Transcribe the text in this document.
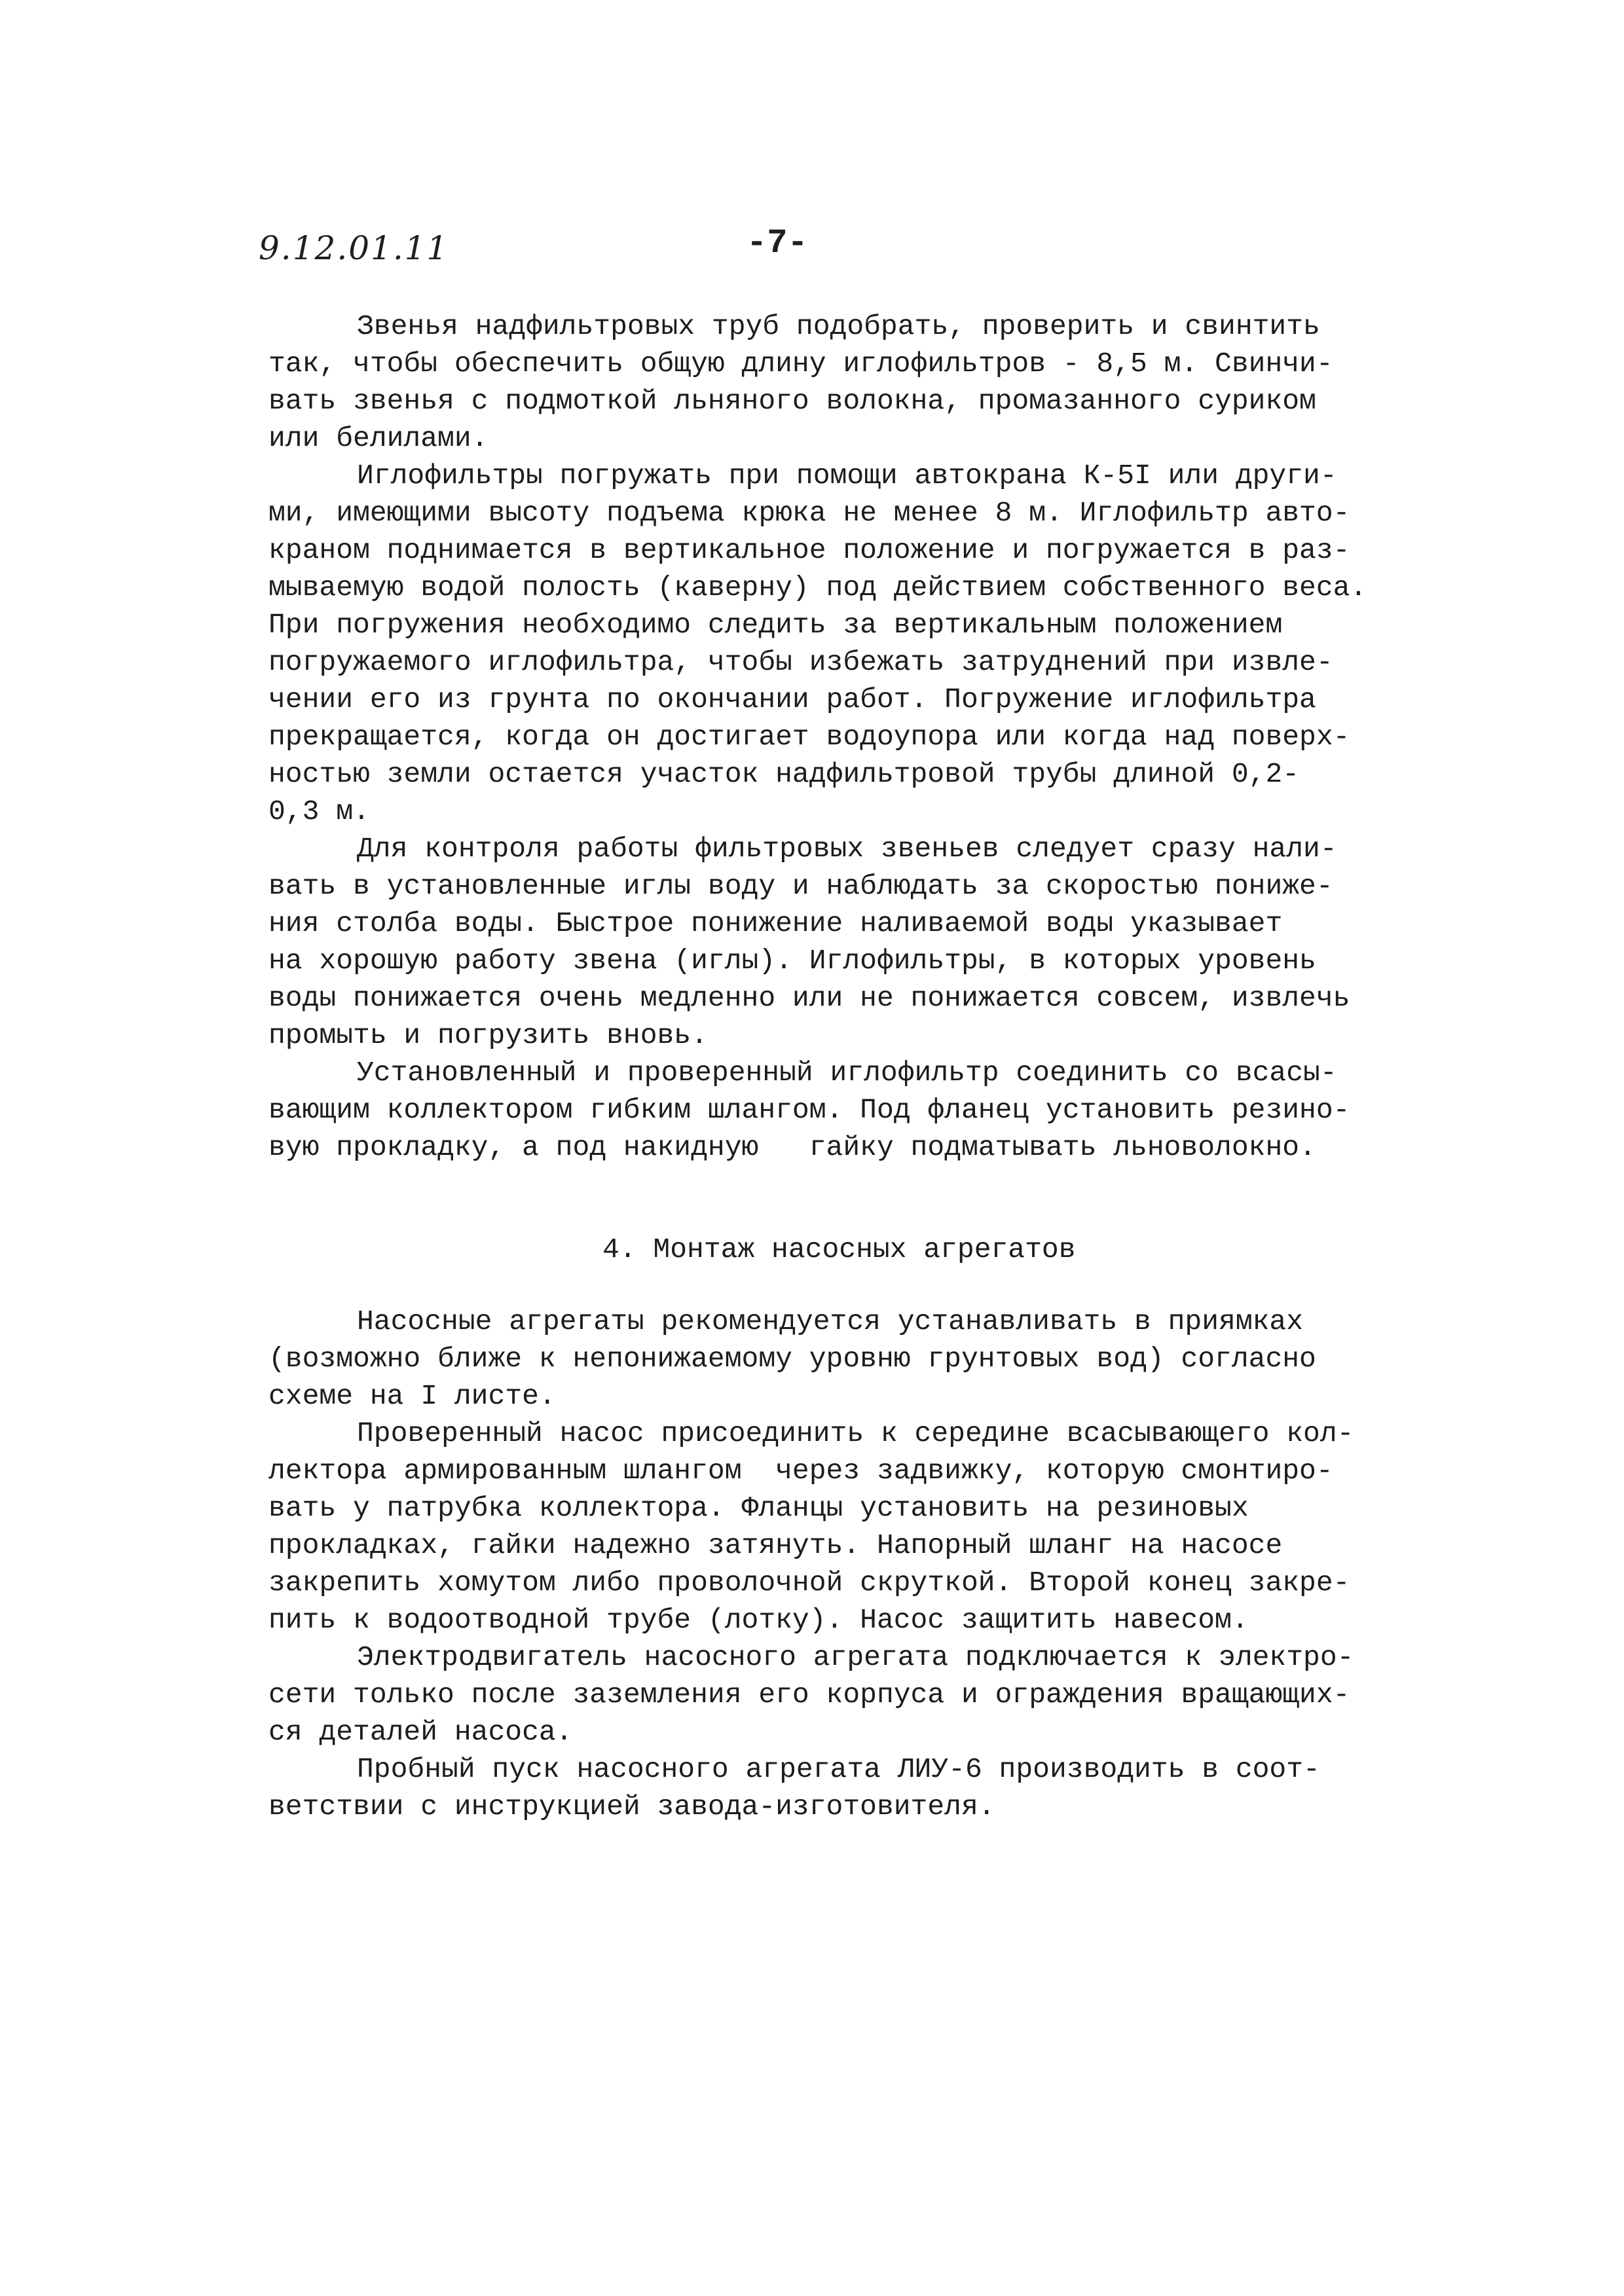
9.12.01.11	-7-
Звенья надфильтровых труб подобрать, проверить и свинтить
так, чтобы обеспечить общую длину иглофильтров - 8,5 м. Свинчи-
вать звенья с подмоткой льняного волокна, промазанного суриком
или белилами.
Иглофильтры погружать при помощи автокрана К-5I или други-
ми, имеющими высоту подъема крюка не менее 8 м. Иглофильтр авто-
краном поднимается в вертикальное положение и погружается в раз-
мываемую водой полость (каверну) под действием собственного веса.
При погружения необходимо следить за вертикальным положением
погружаемого иглофильтра, чтобы избежать затруднений при извле-
чении его из грунта по окончании работ. Погружение иглофильтра
прекращается, когда он достигает водоупора или когда над поверх-
ностью земли остается участок надфильтровой трубы длиной 0,2-
0,3 м.
Для контроля работы фильтровых звеньев следует сразу нали-
вать в установленные иглы воду и наблюдать за скоростью пониже-
ния столба воды. Быстрое понижение наливаемой воды указывает
на хорошую работу звена (иглы). Иглофильтры, в которых уровень
воды понижается очень медленно или не понижается совсем, извлечь
промыть и погрузить вновь.
Установленный и проверенный иглофильтр соединить со всасы-
вающим коллектором гибким шлангом. Под фланец установить резино-
вую прокладку, а под накидную   гайку подматывать льноволокно.
4. Монтаж насосных агрегатов
Насосные агрегаты рекомендуется устанавливать в приямках
(возможно ближе к непонижаемому уровню грунтовых вод) согласно
схеме на I листе.
Проверенный насос присоединить к середине всасывающего кол-
лектора армированным шлангом  через задвижку, которую смонтиро-
вать у патрубка коллектора. Фланцы установить на резиновых
прокладках, гайки надежно затянуть. Напорный шланг на насосе
закрепить хомутом либо проволочной скруткой. Второй конец закре-
пить к водоотводной трубе (лотку). Насос защитить навесом.
Электродвигатель насосного агрегата подключается к электро-
сети только после заземления его корпуса и ограждения вращающих-
ся деталей насоса.
Пробный пуск насосного агрегата ЛИУ-6 производить в соот-
ветствии с инструкцией завода-изготовителя.
